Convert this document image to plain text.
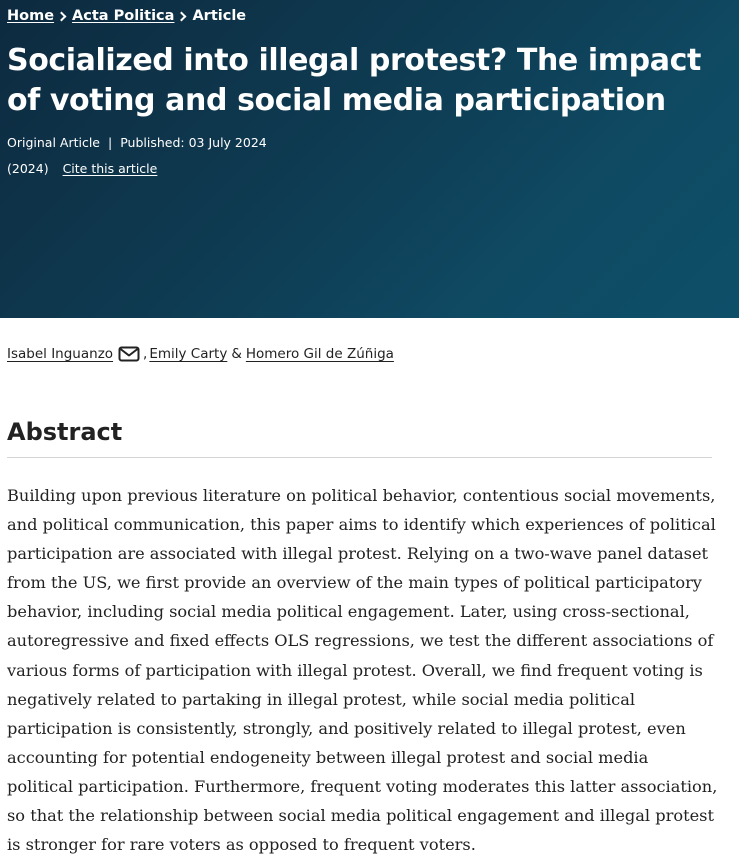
Home Acta Politica Article
Socialized into illegal protest? The impact of voting and social media participation
Original Article | Published: 03 July 2024
(2024) Cite this article
Isabel Inguanzo , Emily Carty & Homero Gil de Zúñiga
Abstract

Building upon previous literature on political behavior, contentious social movements, and political communication, this paper aims to identify which experiences of political participation are associated with illegal protest. Relying on a two-wave panel dataset from the US, we first provide an overview of the main types of political participatory behavior, including social media political engagement. Later, using cross-sectional, autoregressive and fixed effects OLS regressions, we test the different associations of various forms of participation with illegal protest. Overall, we find frequent voting is negatively related to partaking in illegal protest, while social media political participation is consistently, strongly, and positively related to illegal protest, even accounting for potential endogeneity between illegal protest and social media political participation. Furthermore, frequent voting moderates this latter association, so that the relationship between social media political engagement and illegal protest is stronger for rare voters as opposed to frequent voters.
